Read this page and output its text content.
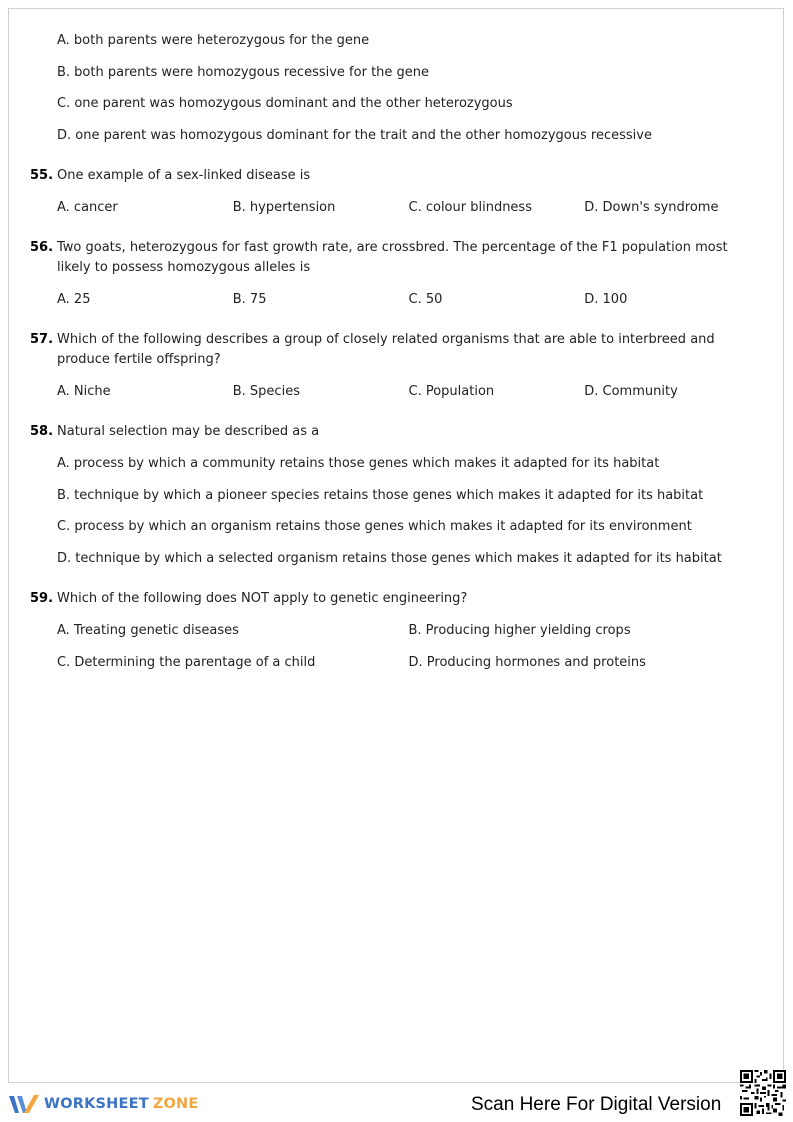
A. both parents were heterozygous for the gene
B. both parents were homozygous recessive for the gene
C. one parent was homozygous dominant and the other heterozygous
D. one parent was homozygous dominant for the trait and the other homozygous recessive
55. One example of a sex-linked disease is
A. cancer	B. hypertension	C. colour blindness	D. Down's syndrome
56. Two goats, heterozygous for fast growth rate, are crossbred. The percentage of the F1 population most likely to possess homozygous alleles is
A. 25	B. 75	C. 50	D. 100
57. Which of the following describes a group of closely related organisms that are able to interbreed and produce fertile offspring?
A. Niche	B. Species	C. Population	D. Community
58. Natural selection may be described as a
A. process by which a community retains those genes which makes it adapted for its habitat
B. technique by which a pioneer species retains those genes which makes it adapted for its habitat
C. process by which an organism retains those genes which makes it adapted for its environment
D. technique by which a selected organism retains those genes which makes it adapted for its habitat
59. Which of the following does NOT apply to genetic engineering?
A. Treating genetic diseases	B. Producing higher yielding crops
C. Determining the parentage of a child	D. Producing hormones and proteins
WORKSHEET ZONE	Scan Here For Digital Version
